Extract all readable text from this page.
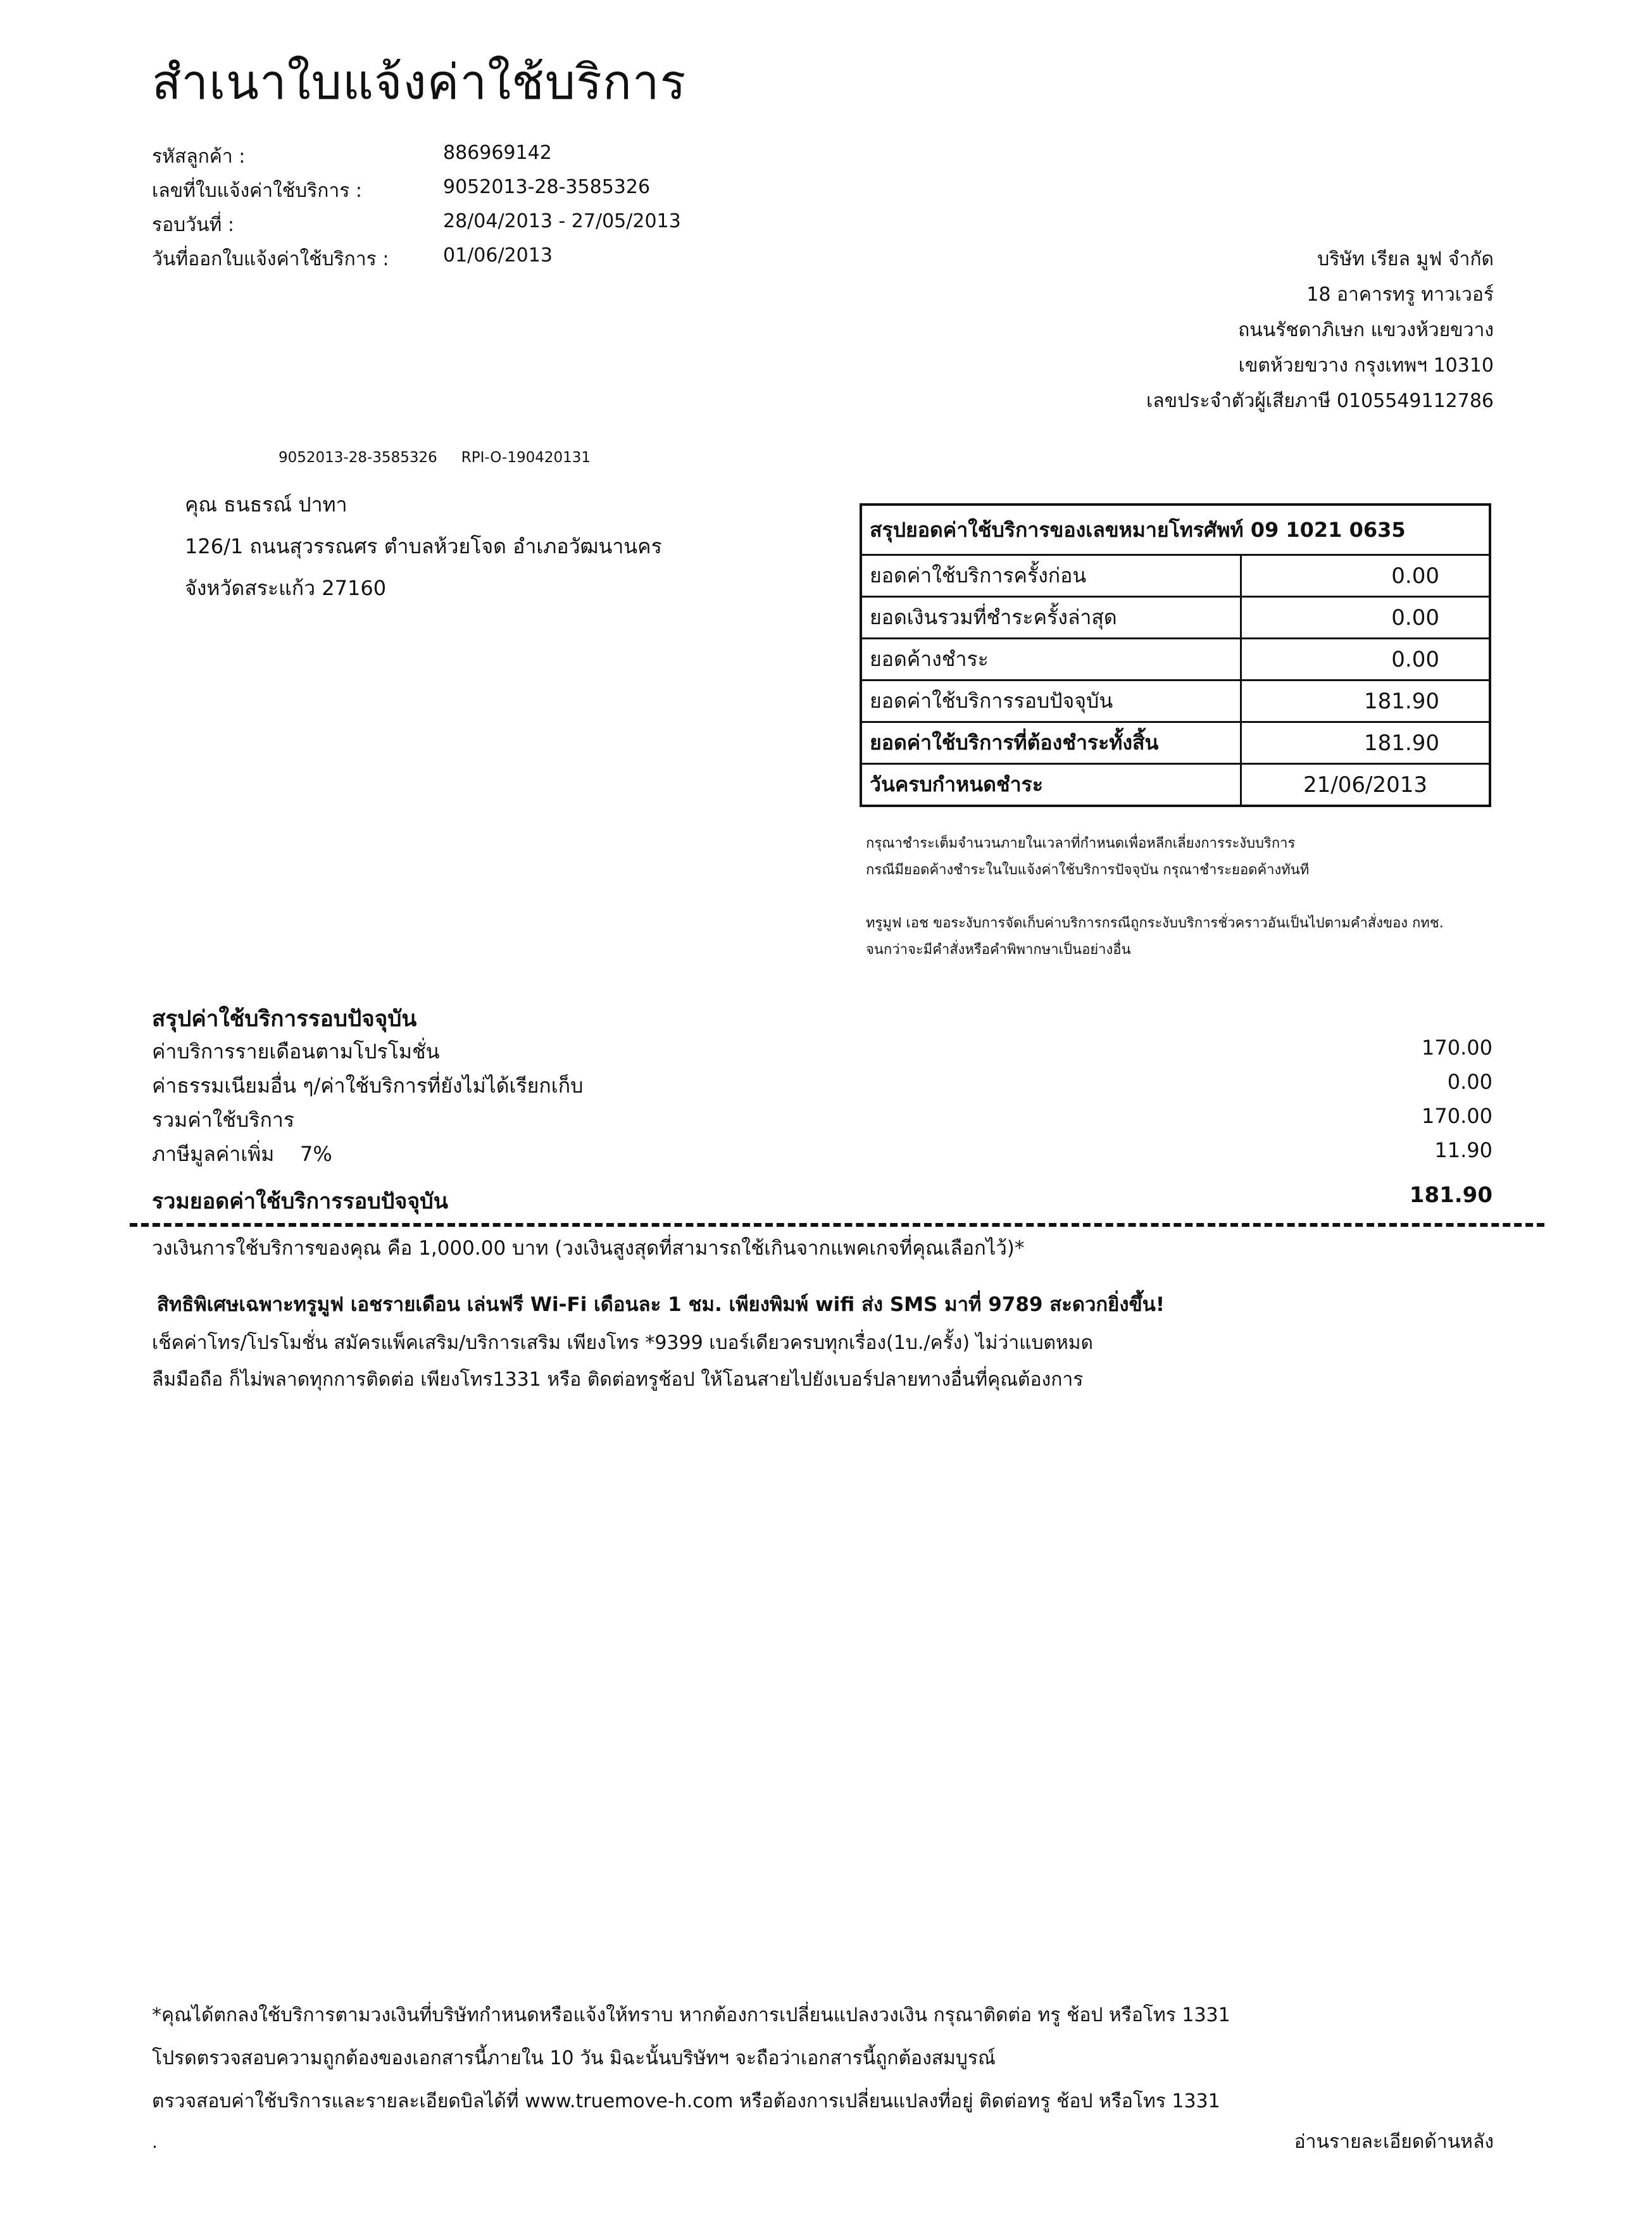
สำเนาใบแจ้งค่าใช้บริการ
รหัสลูกค้า :	886969142
เลขที่ใบแจ้งค่าใช้บริการ :	9052013-28-3585326
รอบวันที่ :	28/04/2013 - 27/05/2013
วันที่ออกใบแจ้งค่าใช้บริการ :	01/06/2013	บริษัท เรียล มูฟ จำกัด
18 อาคารทรู ทาวเวอร์
ถนนรัชดาภิเษก แขวงห้วยขวาง
เขตห้วยขวาง กรุงเทพฯ 10310
เลขประจำตัวผู้เสียภาษี 0105549112786
9052013-28-3585326 RPI-O-190420131
คุณ ธนธรณ์ ปาทา
126/1 ถนนสุวรรณศร ตำบลห้วยโจด อำเภอวัฒนานคร
จังหวัดสระแก้ว 27160
สรุปยอดค่าใช้บริการของเลขหมายโทรศัพท์ 09 1021 0635	
ยอดค่าใช้บริการครั้งก่อน	0.00
ยอดเงินรวมที่ชำระครั้งล่าสุด	0.00
ยอดค้างชำระ	0.00
ยอดค่าใช้บริการรอบปัจจุบัน	181.90
ยอดค่าใช้บริการที่ต้องชำระทั้งสิ้น	181.90
วันครบกำหนดชำระ	21/06/2013
กรุณาชำระเต็มจำนวนภายในเวลาที่กำหนดเพื่อหลีกเลี่ยงการระงับบริการ
กรณีมียอดค้างชำระในใบแจ้งค่าใช้บริการปัจจุบัน กรุณาชำระยอดค้างทันที
ทรูมูฟ เอช ขอระงับการจัดเก็บค่าบริการกรณีถูกระงับบริการชั่วคราวอันเป็นไปตามคำสั่งของ กทช.
จนกว่าจะมีคำสั่งหรือคำพิพากษาเป็นอย่างอื่น
สรุปค่าใช้บริการรอบปัจจุบัน
ค่าบริการรายเดือนตามโปรโมชั่น	170.00
ค่าธรรมเนียมอื่น ๆ/ค่าใช้บริการที่ยังไม่ได้เรียกเก็บ	0.00
รวมค่าใช้บริการ	170.00
ภาษีมูลค่าเพิ่ม    7%	11.90
รวมยอดค่าใช้บริการรอบปัจจุบัน	181.90
วงเงินการใช้บริการของคุณ คือ 1,000.00 บาท (วงเงินสูงสุดที่สามารถใช้เกินจากแพคเกจที่คุณเลือกไว้)*
สิทธิพิเศษเฉพาะทรูมูฟ เอชรายเดือน เล่นฟรี Wi-Fi เดือนละ 1 ชม. เพียงพิมพ์ wifi ส่ง SMS มาที่ 9789 สะดวกยิ่งขึ้น!
เช็คค่าโทร/โปรโมชั่น สมัครแพ็คเสริม/บริการเสริม เพียงโทร *9399 เบอร์เดียวครบทุกเรื่อง(1บ./ครั้ง) ไม่ว่าแบตหมด
ลืมมือถือ ก็ไม่พลาดทุกการติดต่อ เพียงโทร1331 หรือ ติดต่อทรูช้อป ให้โอนสายไปยังเบอร์ปลายทางอื่นที่คุณต้องการ
*คุณได้ตกลงใช้บริการตามวงเงินที่บริษัทกำหนดหรือแจ้งให้ทราบ หากต้องการเปลี่ยนแปลงวงเงิน กรุณาติดต่อ ทรู ช้อป หรือโทร 1331
โปรดตรวจสอบความถูกต้องของเอกสารนี้ภายใน 10 วัน มิฉะนั้นบริษัทฯ จะถือว่าเอกสารนี้ถูกต้องสมบูรณ์
ตรวจสอบค่าใช้บริการและรายละเอียดบิลได้ที่ www.truemove-h.com หรือต้องการเปลี่ยนแปลงที่อยู่ ติดต่อทรู ช้อป หรือโทร 1331
.	อ่านรายละเอียดด้านหลัง
